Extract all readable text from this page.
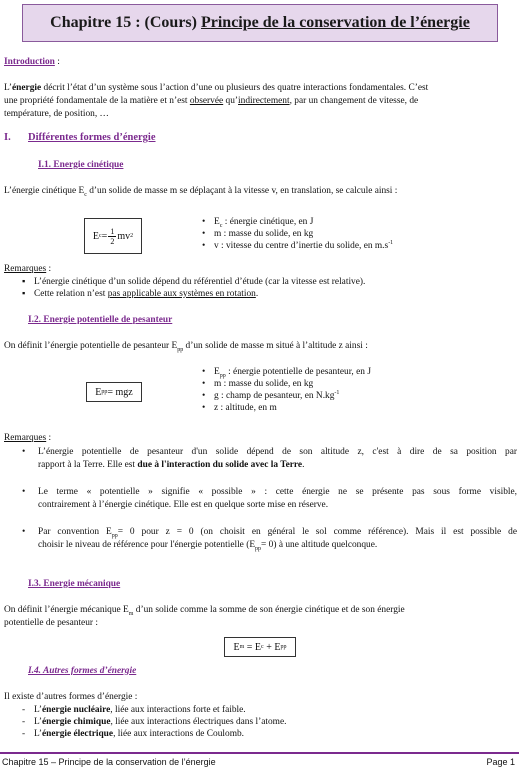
Chapitre 15 : (Cours) Principe de la conservation de l’énergie
Introduction :
L’énergie décrit l’état d’un système sous l’action d’une ou plusieurs des quatre interactions fondamentales. C’est
une propriété fondamentale de la matière et n’est observée qu’indirectement, par un changement de vitesse, de
température, de position, …
I. Différentes formes d’énergie
I.1. Energie cinétique
L’énergie cinétique $E_c$ d’un solide de masse m se déplaçant à la vitesse v, en translation, se calcule ainsi :
E $c = \frac{1}{2}$ mv 2
• $E_c$ : énergie cinétique, en J
• m : masse du solide, en kg
• v : vitesse du centre d’inertie du solide, en $m.s^{-1}$
Remarques :
▪ L’énergie cinétique d’un solide dépend du référentiel d’étude (car la vitesse est relative).
▪ Cette relation n’est pas applicable aux systèmes en rotation.
I.2. Energie potentielle de pesanteur
On définit l’énergie potentielle de pesanteur $E_{pp}$ d’un solide de masse m situé à l’altitude z ainsi :
E pp = mgz
• $E_{pp}$ : énergie potentielle de pesanteur, en J
• m : masse du solide, en kg
• g : champ de pesanteur, en $N.kg^{-1}$
• z : altitude, en m
Remarques :
• L’énergie potentielle de pesanteur d'un solide dépend de son altitude z, c'est à dire de sa position par
rapport à la Terre. Elle est due à l'interaction du solide avec la Terre.
• Le terme « potentielle » signifie « possible » : cette énergie ne se présente pas sous forme visible,
contrairement à l’énergie cinétique. Elle est en quelque sorte mise en réserve.
• Par convention $E_{pp}= 0$ pour z = 0 (on choisit en général le sol comme référence). Mais il est possible de
choisir le niveau de référence pour l'énergie potentielle $(E_{pp}= 0)$ à une altitude quelconque.
I.3. Energie mécanique
On définit l’énergie mécanique $E_m$ d’un solide comme la somme de son énergie cinétique et de son énergie
potentielle de pesanteur :
E m = E c + E pp
I.4. Autres formes d’énergie
Il existe d’autres formes d’énergie :
- L’énergie nucléaire, liée aux interactions forte et faible.
- L’énergie chimique, liée aux interactions électriques dans l’atome.
- L’énergie électrique, liée aux interactions de Coulomb.
Chapitre 15 – Principe de la conservation de l’énergie	Page 1
